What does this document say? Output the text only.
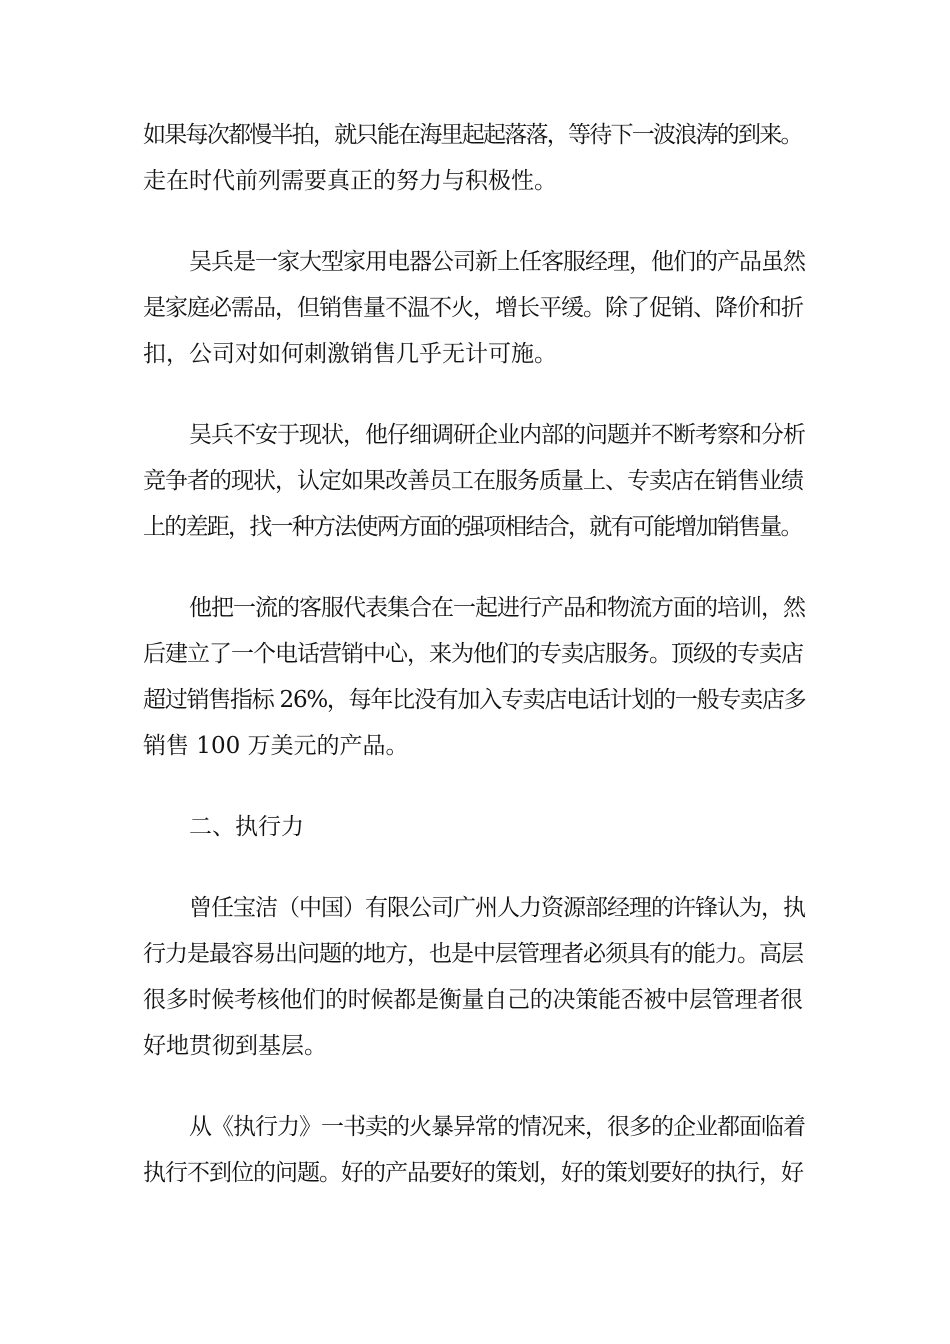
如果每次都慢半拍，就只能在海里起起落落，等待下一波浪涛的到来。
走在时代前列需要真正的努力与积极性。
吴兵是一家大型家用电器公司新上任客服经理，他们的产品虽然
是家庭必需品，但销售量不温不火，增长平缓。除了促销、降价和折
扣，公司对如何刺激销售几乎无计可施。
吴兵不安于现状，他仔细调研企业内部的问题并不断考察和分析
竞争者的现状，认定如果改善员工在服务质量上、专卖店在销售业绩
上的差距，找一种方法使两方面的强项相结合，就有可能增加销售量。
他把一流的客服代表集合在一起进行产品和物流方面的培训，然
后建立了一个电话营销中心，来为他们的专卖店服务。顶级的专卖店
超过销售指标 26%，每年比没有加入专卖店电话计划的一般专卖店多
销售 100 万美元的产品。
二、执行力
曾任宝洁（中国）有限公司广州人力资源部经理的许锋认为，执
行力是最容易出问题的地方，也是中层管理者必须具有的能力。高层
很多时候考核他们的时候都是衡量自己的决策能否被中层管理者很
好地贯彻到基层。
从《执行力》一书卖的火暴异常的情况来，很多的企业都面临着
执行不到位的问题。好的产品要好的策划，好的策划要好的执行，好
